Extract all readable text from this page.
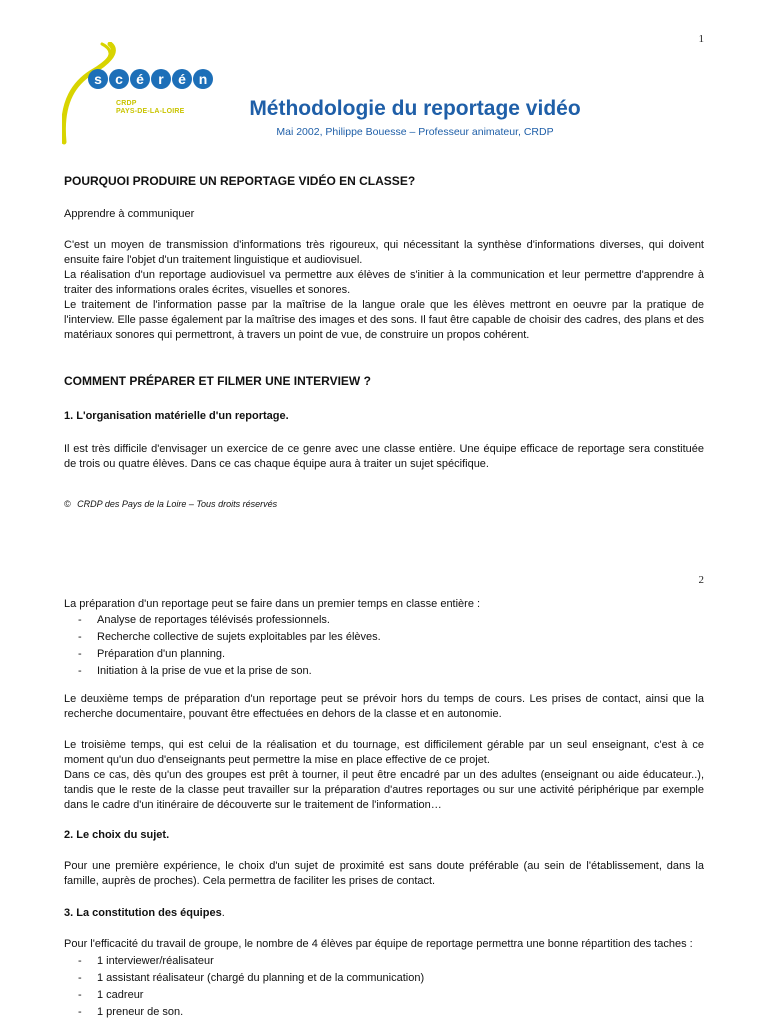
1
s c é r é n
CRDP
PAYS-DE-LA-LOIRE	Méthodologie du reportage vidéo
Mai 2002, Philippe Bouesse – Professeur animateur, CRDP
POURQUOI PRODUIRE UN REPORTAGE VIDÉO EN CLASSE?
Apprendre à communiquer
C'est un moyen de transmission d'informations très rigoureux, qui nécessitant la synthèse d'informations diverses, qui doivent ensuite faire l'objet d'un traitement linguistique et audiovisuel.
La réalisation d'un reportage audiovisuel va permettre aux élèves de s'initier à la communication et leur permettre d'apprendre à traiter des informations orales écrites, visuelles et sonores.
Le traitement de l'information passe par la maîtrise de la langue orale que les élèves mettront en oeuvre par la pratique de l'interview. Elle passe également par la maîtrise des images et des sons. Il faut être capable de choisir des cadres, des plans et des matériaux sonores qui permettront, à travers un point de vue, de construire un propos cohérent.
COMMENT PRÉPARER ET FILMER UNE INTERVIEW ?
1. L'organisation matérielle d'un reportage.
Il est très difficile d'envisager un exercice de ce genre avec une classe entière. Une équipe efficace de reportage sera constituée de trois ou quatre élèves. Dans ce cas chaque équipe aura à traiter un sujet spécifique.
© CRDP des Pays de la Loire – Tous droits réservés
2
La préparation d'un reportage peut se faire dans un premier temps en classe entière :
- Analyse de reportages télévisés professionnels.
- Recherche collective de sujets exploitables par les élèves.
- Préparation d'un planning.
- Initiation à la prise de vue et la prise de son.
Le deuxième temps de préparation d'un reportage peut se prévoir hors du temps de cours. Les prises de contact, ainsi que la recherche documentaire, pouvant être effectuées en dehors de la classe et en autonomie.
Le troisième temps, qui est celui de la réalisation et du tournage, est difficilement gérable par un seul enseignant, c'est à ce moment qu'un duo d'enseignants peut permettre la mise en place effective de ce projet.
Dans ce cas, dès qu'un des groupes est prêt à tourner, il peut être encadré par un des adultes (enseignant ou aide éducateur..), tandis que le reste de la classe peut travailler sur la préparation d'autres reportages ou sur une activité périphérique par exemple dans le cadre d'un itinéraire de découverte sur le traitement de l'information…
2. Le choix du sujet.
Pour une première expérience, le choix d'un sujet de proximité est sans doute préférable (au sein de l'établissement, dans la famille, auprès de proches). Cela permettra de faciliter les prises de contact.
3. La constitution des équipes.
Pour l'efficacité du travail de groupe, le nombre de 4 élèves par équipe de reportage permettra une bonne répartition des taches :
- 1 interviewer/réalisateur
- 1 assistant réalisateur (chargé du planning et de la communication)
- 1 cadreur
- 1 preneur de son.
